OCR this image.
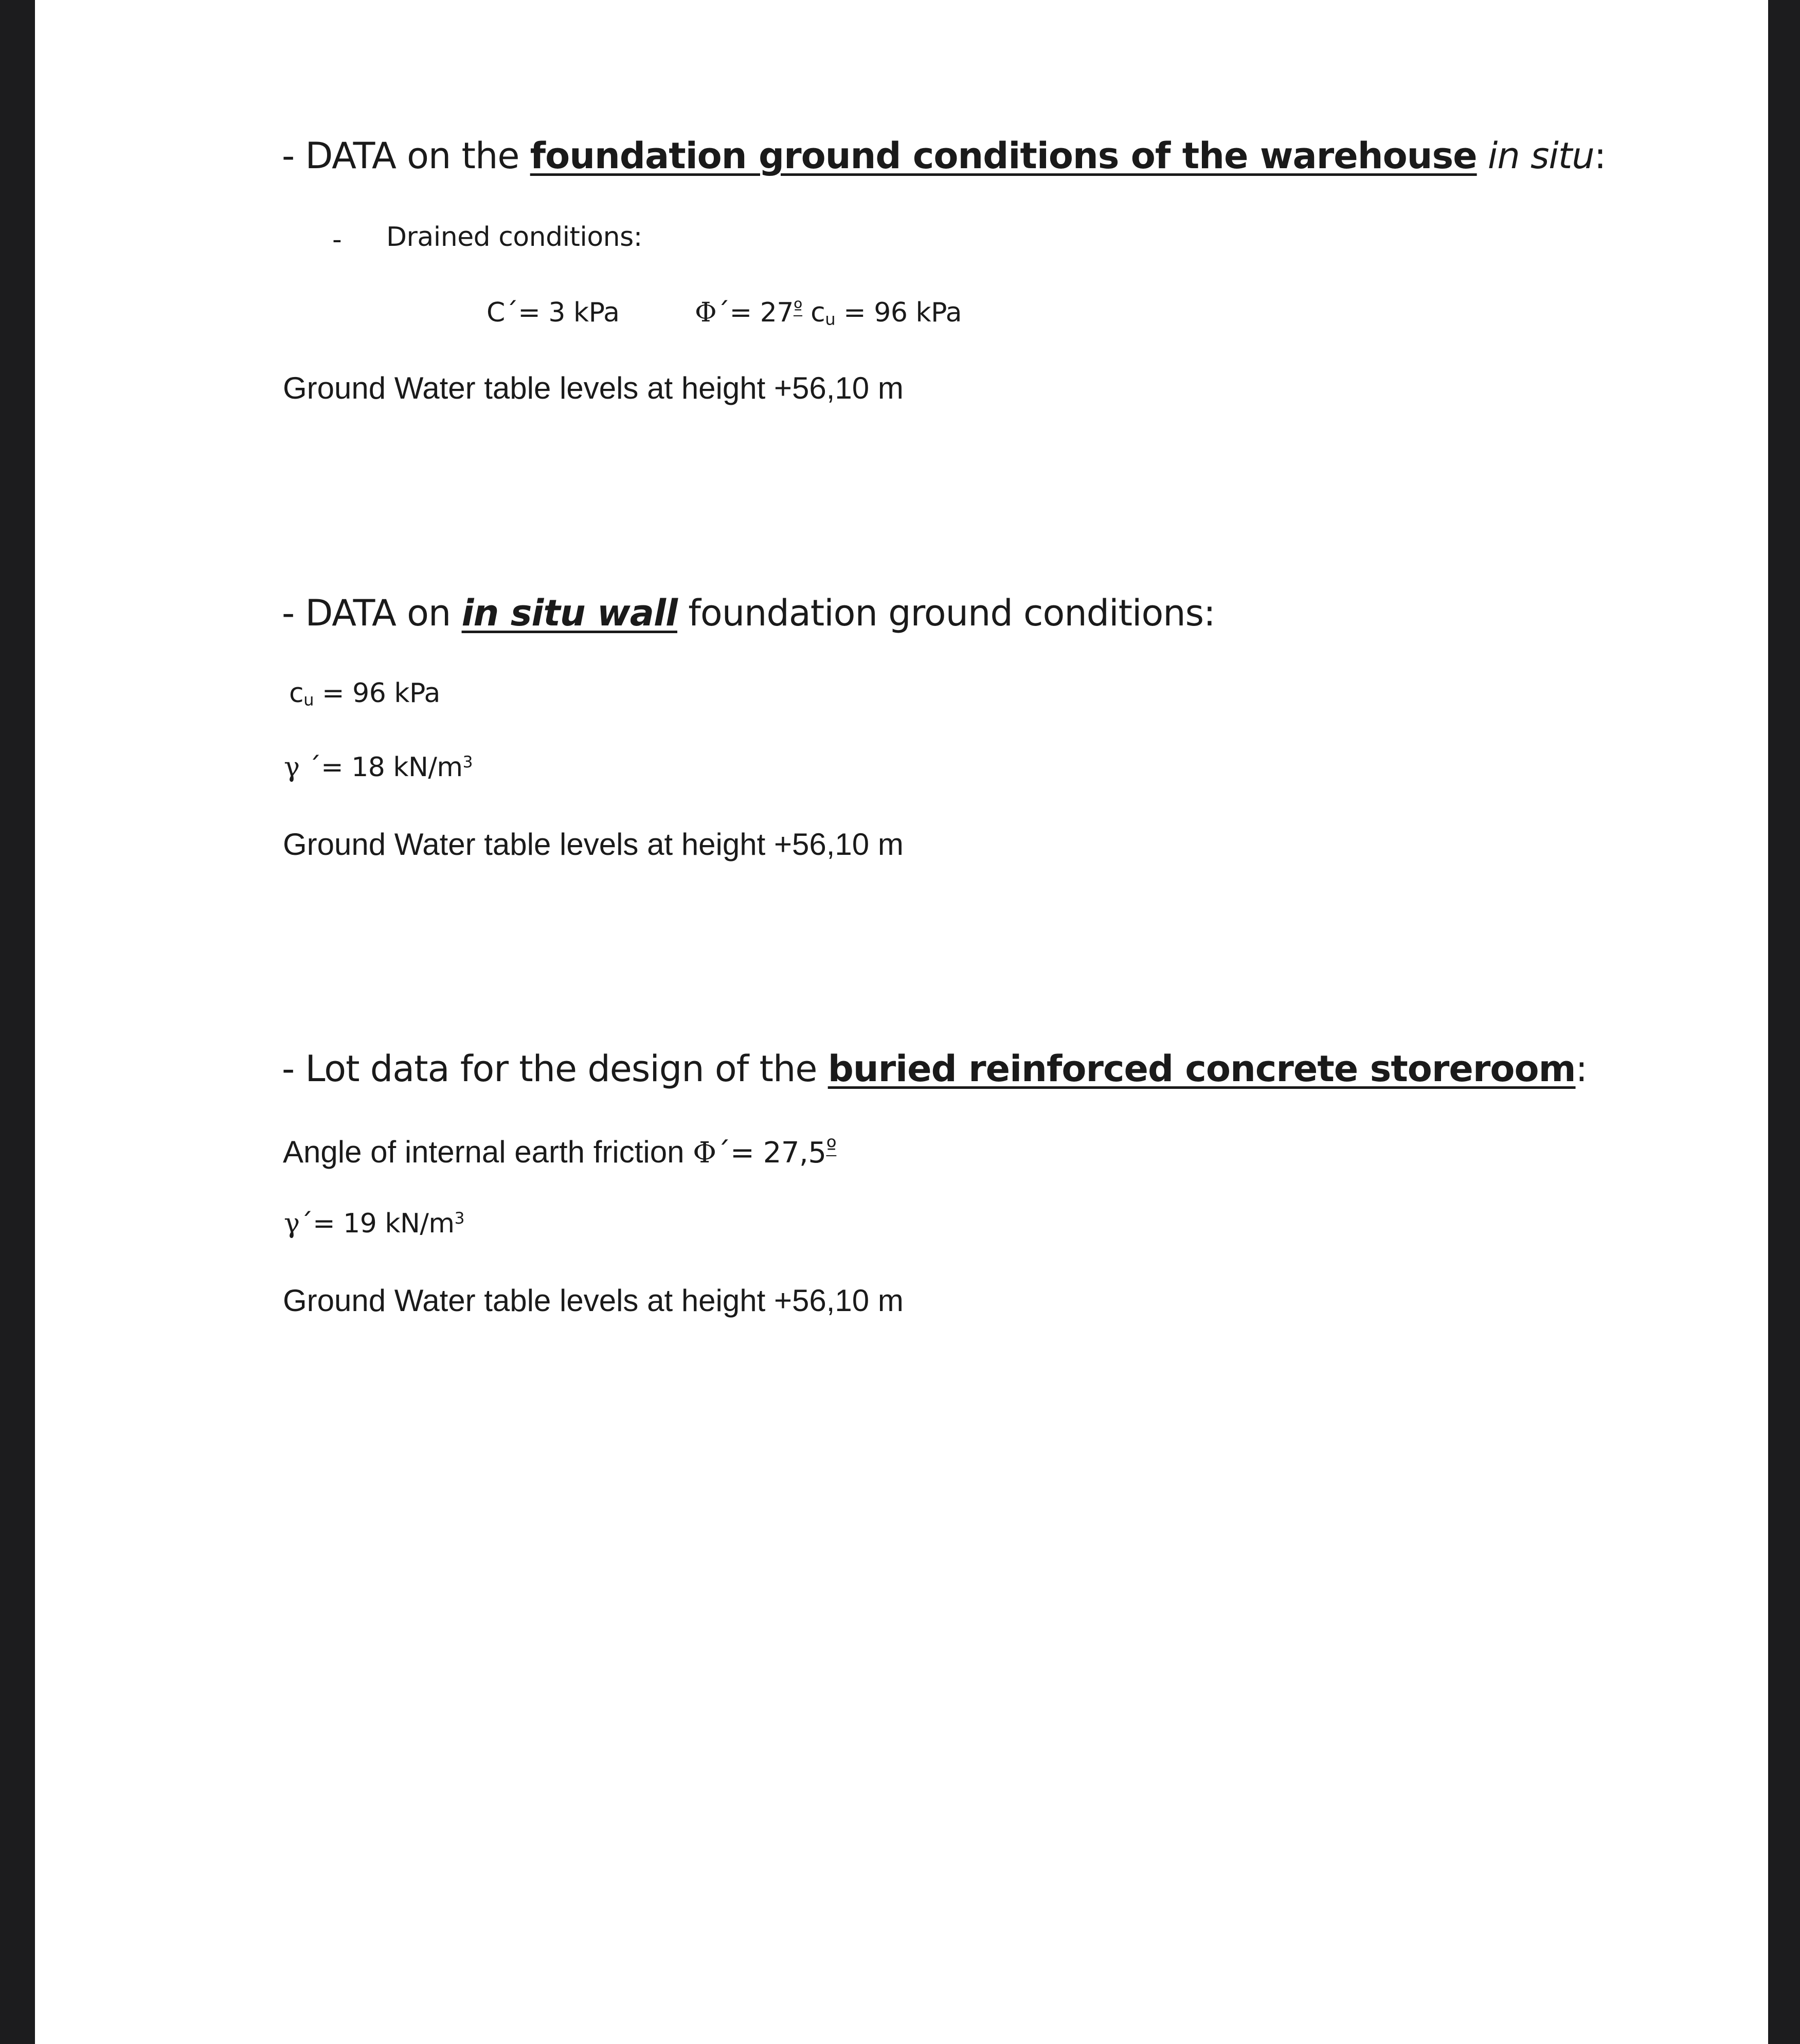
- DATA on the foundation ground conditions of the warehouse in situ:
- Drained conditions:
C´= 3 kPa	Φ´= $27^º$ $c_u = 96$ kPa
Ground Water table levels at height +56,10 m
- DATA on in situ wall foundation ground conditions:
$c_u = 96$ kPa
γ ´= 18 $kN/m^3$
Ground Water table levels at height +56,10 m
- Lot data for the design of the buried reinforced concrete storeroom:
Angle of internal earth friction Φ´= $27,5^º$
γ´= 19 $kN/m^3$
Ground Water table levels at height +56,10 m
